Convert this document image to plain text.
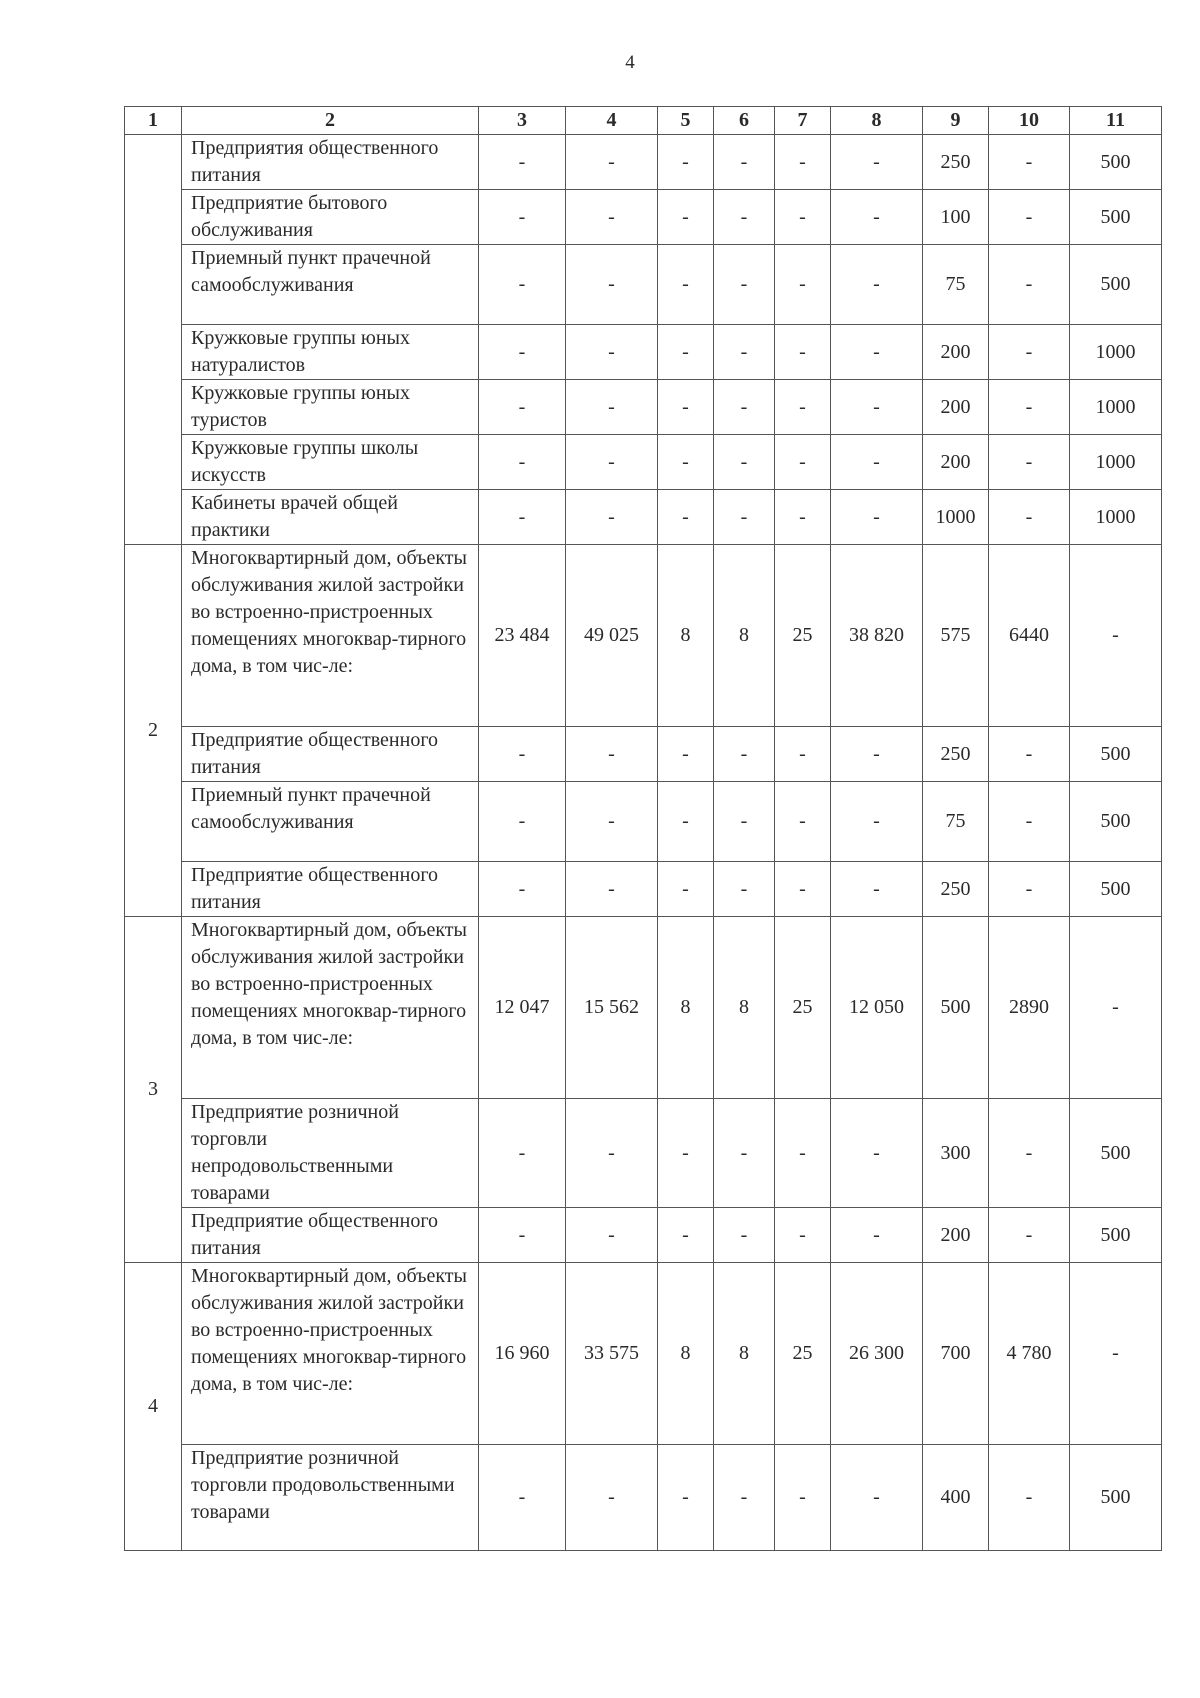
4
1	2	3	4	5	6	7	8	9	10	11
	Предприятия общественного питания	-	-	-	-	-	-	250	-	500
	Предприятие бытового обслуживания	-	-	-	-	-	-	100	-	500
	Приемный пункт прачечной самообслуживания	-	-	-	-	-	-	75	-	500
	Кружковые группы юных натуралистов	-	-	-	-	-	-	200	-	1000
	Кружковые группы юных туристов	-	-	-	-	-	-	200	-	1000
	Кружковые группы школы искусств	-	-	-	-	-	-	200	-	1000
	Кабинеты врачей общей практики	-	-	-	-	-	-	1000	-	1000
2	Многоквартирный дом, объекты обслуживания жилой застройки во встроенно-пристроенных помещениях многоквар-тирного дома, в том чис-ле:	23 484	49 025	8	8	25	38 820	575	6440	-
	Предприятие общественного питания	-	-	-	-	-	-	250	-	500
	Приемный пункт прачечной самообслуживания	-	-	-	-	-	-	75	-	500
	Предприятие общественного питания	-	-	-	-	-	-	250	-	500
3	Многоквартирный дом, объекты обслуживания жилой застройки во встроенно-пристроенных помещениях многоквар-тирного дома, в том чис-ле:	12 047	15 562	8	8	25	12 050	500	2890	-
	Предприятие розничной торговли непродовольственными товарами	-	-	-	-	-	-	300	-	500
	Предприятие общественного питания	-	-	-	-	-	-	200	-	500
4	Многоквартирный дом, объекты обслуживания жилой застройки во встроенно-пристроенных помещениях многоквар-тирного дома, в том чис-ле:	16 960	33 575	8	8	25	26 300	700	4 780	-
	Предприятие розничной торговли продовольственными товарами	-	-	-	-	-	-	400	-	500
